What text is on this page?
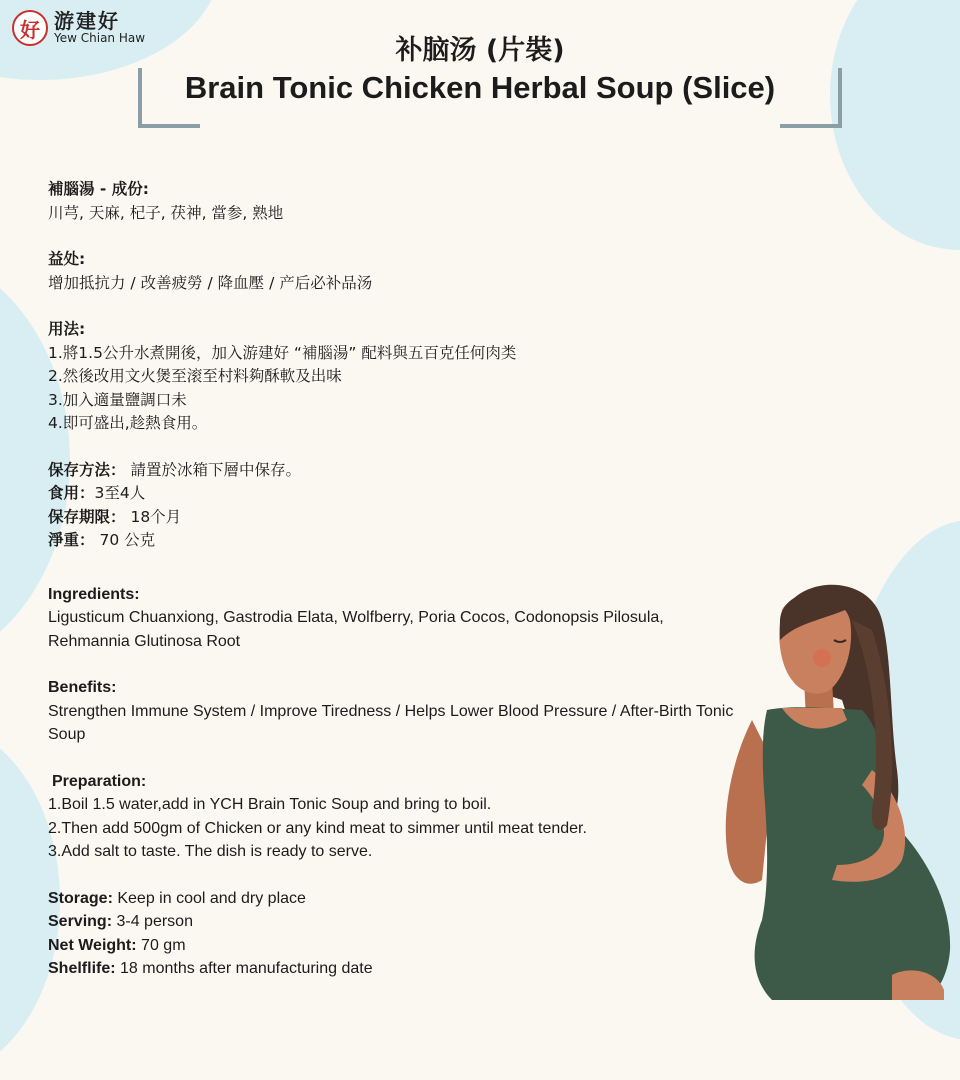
好 游建好
Yew Chian Haw	补脑汤 (片裝)
Brain Tonic Chicken Herbal Soup (Slice)
補腦湯 - 成份:
川芎, 天麻, 杞子, 茯神, 當参, 熟地
益处:
增加抵抗力 / 改善疲勞 / 降血壓 / 产后必补品汤
用法:
1.將1.5公升水煮開後，加入游建好 “補腦湯” 配料與五百克任何肉类
2.然後改用文火煲至滚至村料夠酥軟及出味
3.加入適量鹽調口未
4.即可盛出,趁熱食用。
保存方法： 請置於冰箱下層中保存。
食用：3至4人
保存期限： 18个月
淨重： 70 公克
Ingredients:
Ligusticum Chuanxiong, Gastrodia Elata, Wolfberry, Poria Cocos, Codonopsis Pilosula, Rehmannia Glutinosa Root
Benefits:
Strengthen Immune System / Improve Tiredness / Helps Lower Blood Pressure / After-Birth Tonic Soup
Preparation:
1.Boil 1.5 water,add in YCH Brain Tonic Soup and bring to boil.
2.Then add 500gm of Chicken or any kind meat to simmer until meat tender.
3.Add salt to taste. The dish is ready to serve.
Storage: Keep in cool and dry place
Serving: 3-4 person
Net Weight: 70 gm
Shelflife: 18 months after manufacturing date
